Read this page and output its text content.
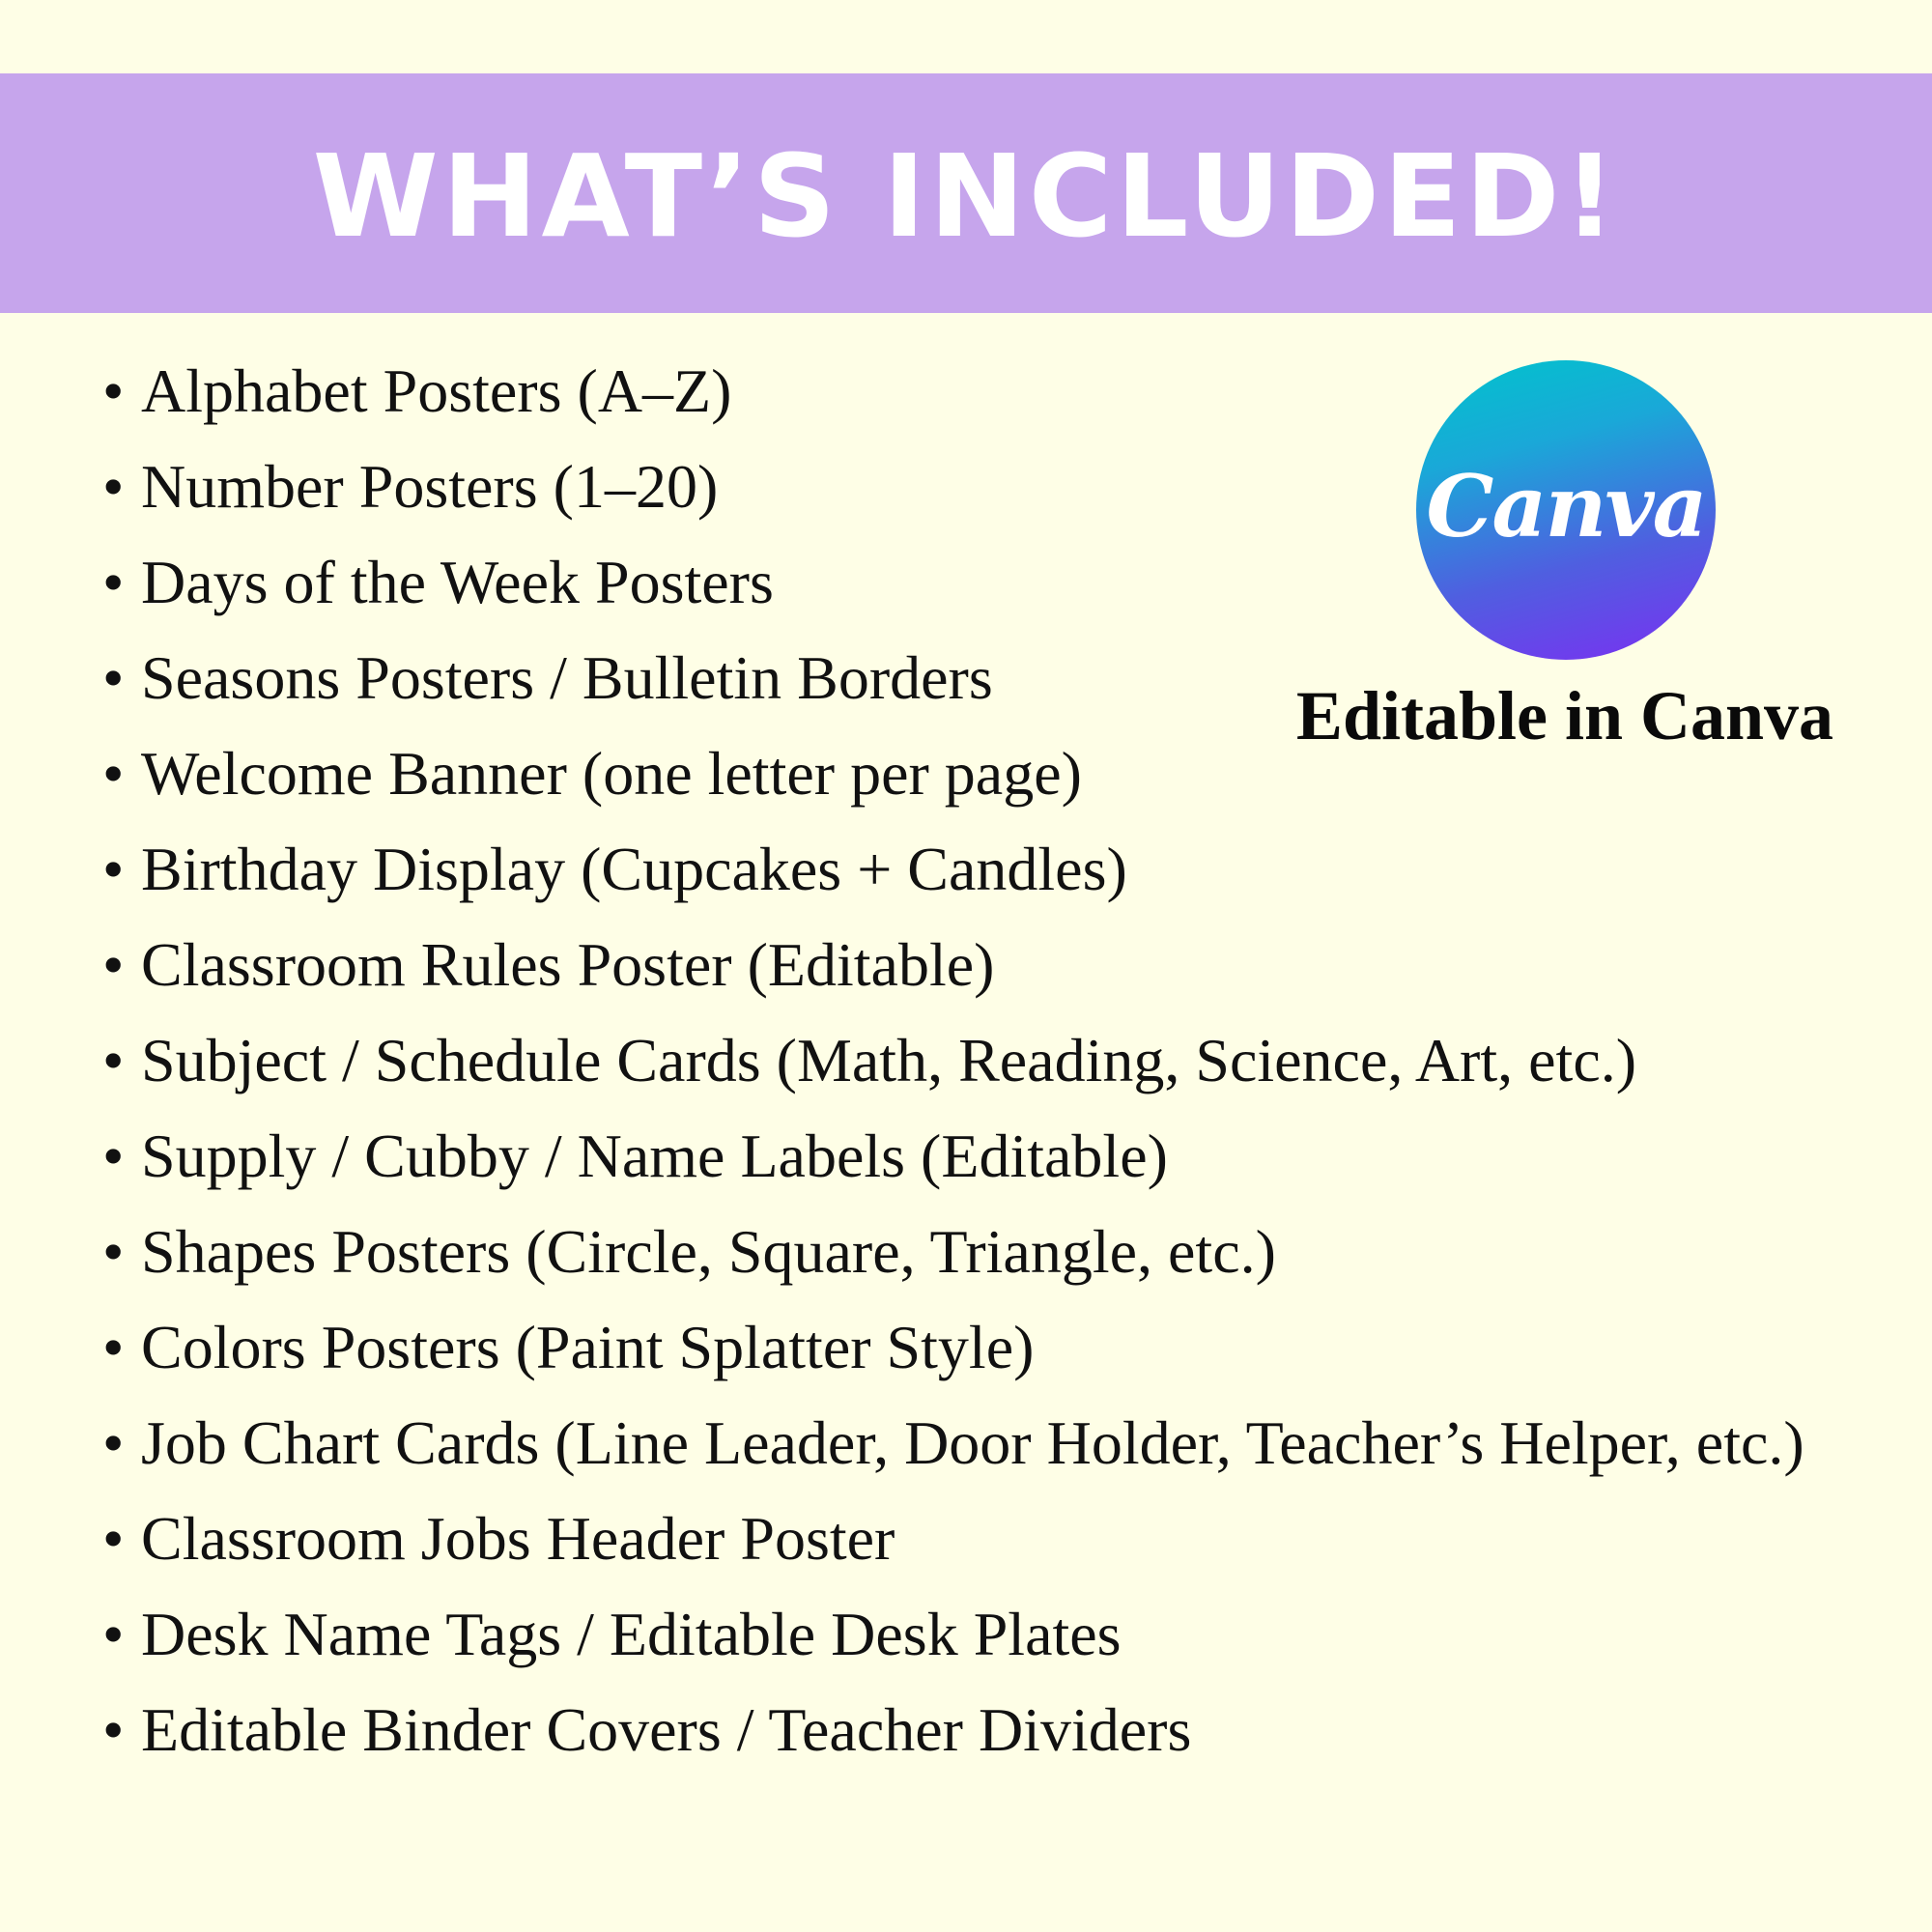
WHAT’S INCLUDED!
• Alphabet Posters (A–Z)
• Number Posters (1–20)
• Days of the Week Posters
• Seasons Posters / Bulletin Borders
• Welcome Banner (one letter per page)
• Birthday Display (Cupcakes + Candles)
• Classroom Rules Poster (Editable)
• Subject / Schedule Cards (Math, Reading, Science, Art, etc.)
• Supply / Cubby / Name Labels (Editable)
• Shapes Posters (Circle, Square, Triangle, etc.)
• Colors Posters (Paint Splatter Style)
• Job Chart Cards (Line Leader, Door Holder, Teacher’s Helper, etc.)
• Classroom Jobs Header Poster
• Desk Name Tags / Editable Desk Plates
• Editable Binder Covers / Teacher Dividers
Canva
Editable in Canva
